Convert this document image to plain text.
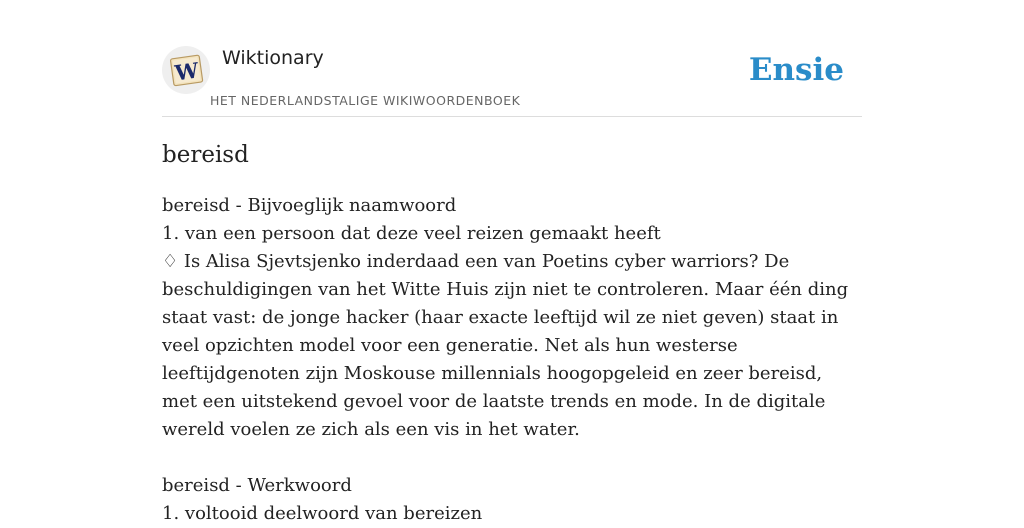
W Wiktionary
HET NEDERLANDSTALIGE WIKIWOORDENBOEK
Ensie
bereisd

bereisd - Bijvoeglijk naamwoord

1. van een persoon dat deze veel reizen gemaakt heeft

♢ Is Alisa Sjevtsjenko inderdaad een van Poetins cyber warriors? De beschuldigingen van het Witte Huis zijn niet te controleren. Maar één ding staat vast: de jonge hacker (haar exacte leeftijd wil ze niet geven) staat in veel opzichten model voor een generatie. Net als hun westerse leeftijdgenoten zijn Moskouse millennials hoogopgeleid en zeer bereisd, met een uitstekend gevoel voor de laatste trends en mode. In de digitale wereld voelen ze zich als een vis in het water.

bereisd - Werkwoord

1. voltooid deelwoord van bereizen
